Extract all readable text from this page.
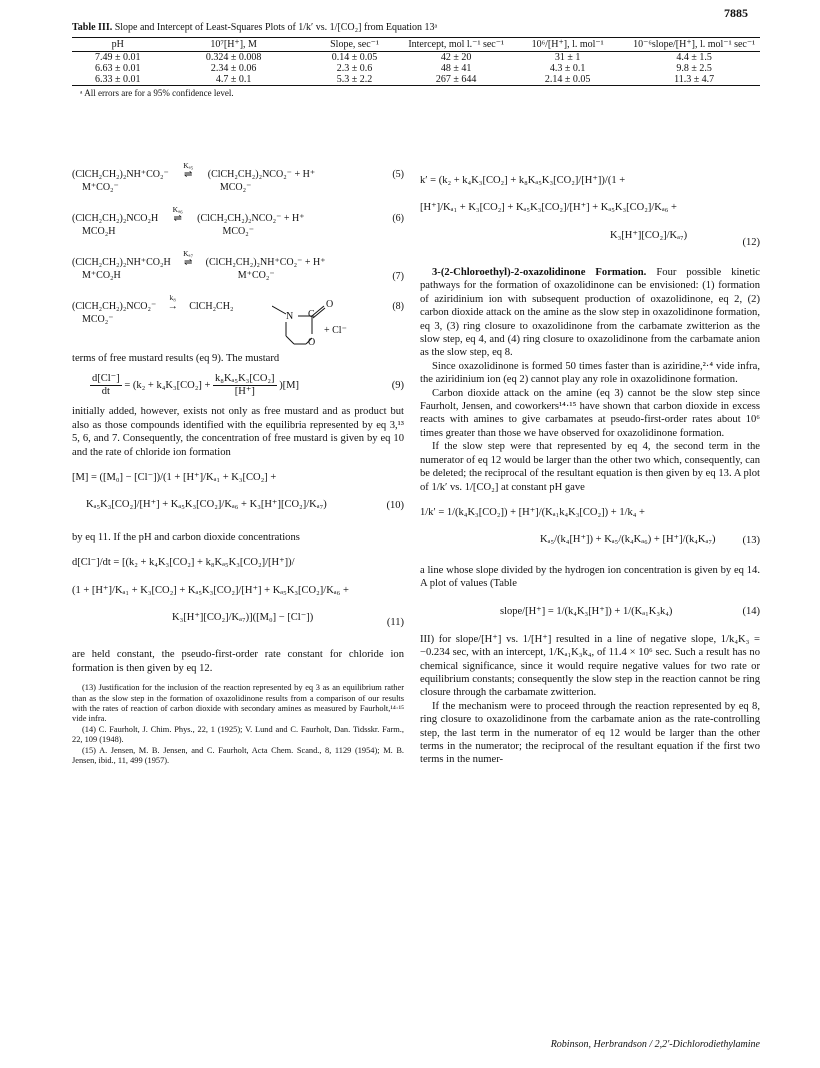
7885
Table III. Slope and Intercept of Least-Squares Plots of 1/k′ vs. 1/[CO₂] from Equation 13ᵃ
pH	10⁷[H⁺], M	Slope, sec⁻¹	Intercept, mol l.⁻¹ sec⁻¹	10⁶/[H⁺], l. mol⁻¹	10⁻⁶slope/[H⁺], l. mol⁻¹ sec⁻¹
7.49 ± 0.01	0.324 ± 0.008	0.14 ± 0.05	42 ± 20	31 ± 1	4.4 ± 1.5
6.63 ± 0.01	2.34 ± 0.06	2.3 ± 0.6	48 ± 41	4.3 ± 0.1	9.8 ± 2.5
6.33 ± 0.01	4.7 ± 0.1	5.3 ± 2.2	267 ± 644	2.14 ± 0.05	11.3 ± 4.7
ᵃ All errors are for a 95% confidence level.
(ClCH₂CH₂)₂NH⁺CO₂⁻
Kₐ₅
⇌ (ClCH₂CH₂)₂NCO₂⁻ + H⁺	(5)
M⁺CO₂⁻	MCO₂⁻
(ClCH₂CH₂)₂NCO₂H
Kₐ₆
⇌ (ClCH₂CH₂)₂NCO₂⁻ + H⁺	(6)
MCO₂H	MCO₂⁻
(ClCH₂CH₂)₂NH⁺CO₂H
Kₐ₇
⇌ (ClCH₂CH₂)₂NH⁺CO₂⁻ + H⁺
M⁺CO₂H	M⁺CO₂⁻	(7)
(ClCH₂CH₂)₂NCO₂⁻
k₈
→ ClCH₂CH₂
N C
O
O
+ Cl⁻
(8)
MCO₂⁻

terms of free mustard results (eq 9). The mustard

$\frac{d[Cl^-]}{dt} = (k_2 + k_4K_3[CO_2] + \frac{\text{k₈Kₐ₅K₃[CO₂]}}{[H^+]} )[M]$	(9)

initially added, however, exists not only as free mustard and as product but also as those compounds identified with the equilibria represented by eq 3,¹³ 5, 6, and 7. Consequently, the concentration of free mustard is given by eq 10 and the rate of chloride ion formation

[M] = ([M₀] − [Cl⁻])/(1 + [H⁺]/Kₐ₁ + K₃[CO₂] +
Kₐ₅K₃[CO₂]/[H⁺] + Kₐ₅K₃[CO₂]/Kₐ₆ + K₃[H⁺][CO₂]/Kₐ₇)	(10)

by eq 11. If the pH and carbon dioxide concentrations

d[Cl⁻]/dt = [(k₂ + k₄K₃[CO₂] + k₈Kₐ₅K₃[CO₂]/[H⁺])/
(1 + [H⁺]/Kₐ₁ + K₃[CO₂] + Kₐ₅K₃[CO₂]/[H⁺] + Kₐ₅K₃[CO₂]/Kₐ₆ +
K₃[H⁺][CO₂]/Kₐ₇)]([M₀] − [Cl⁻])	(11)

are held constant, the pseudo-first-order rate constant for chloride ion formation is then given by eq 12.

(13) Justification for the inclusion of the reaction represented by eq 3 as an equilibrium rather than as the slow step in the formation of oxazolidinone results from a comparison of our results with the rates of reaction of carbon dioxide with secondary amines as measured by Faurholt,¹⁴·¹⁵ vide infra.

(14) C. Faurholt, J. Chim. Phys., 22, 1 (1925); V. Lund and C. Faurholt, Dan. Tidsskr. Farm., 22, 109 (1948).

(15) A. Jensen, M. B. Jensen, and C. Faurholt, Acta Chem. Scand., 8, 1129 (1954); M. B. Jensen, ibid., 11, 499 (1957).

k′ = (k₂ + k₄K₃[CO₂] + k₈Kₐ₅K₃[CO₂]/[H⁺])/(1 +
[H⁺]/Kₐ₁ + K₃[CO₂] + Kₐ₅K₃[CO₂]/[H⁺] + Kₐ₅K₃[CO₂]/Kₐ₆ +
K₃[H⁺][CO₂]/Kₐ₇)
(12)

3-(2-Chloroethyl)-2-oxazolidinone Formation. Four possible kinetic pathways for the formation of oxazolidinone can be envisioned: (1) formation of aziridinium ion with subsequent production of oxazolidinone, eq 2, (2) carbon dioxide attack on the amine as the slow step in oxazolidinone formation, eq 3, (3) ring closure to oxazolidinone from the carbamate zwitterion as the slow step, eq 4, and (4) ring closure to oxazolidinone from the carbamate anion as the slow step, eq 8.

Since oxazolidinone is formed 50 times faster than is aziridine,²·⁴ vide infra, the aziridinium ion (eq 2) cannot play any role in oxazolidinone formation.

Carbon dioxide attack on the amine (eq 3) cannot be the slow step since Faurholt, Jensen, and coworkers¹⁴·¹⁵ have shown that carbon dioxide in excess reacts with amines to give carbamates at pseudo-first-order rates about 10⁶ times greater than those we have observed for oxazolidinone formation.

If the slow step were that represented by eq 4, the second term in the numerator of eq 12 would be larger than the other two which, consequently, can be deleted; the reciprocal of the resultant equation is then given by eq 13. A plot of 1/k′ vs. 1/[CO₂] at constant pH gave

1/k′ = 1/(k₄K₃[CO₂]) + [H⁺]/(Kₐ₁k₄K₃[CO₂]) + 1/k₄ +
Kₐ₅/(k₄[H⁺]) + Kₐ₅/(k₄Kₐ₆) + [H⁺]/(k₄Kₐ₇)	(13)

a line whose slope divided by the hydrogen ion concentration is given by eq 14. A plot of values (Table

slope/[H⁺] = 1/(k₄K₃[H⁺]) + 1/(Kₐ₁K₃k₄)	(14)

III) for slope/[H⁺] vs. 1/[H⁺] resulted in a line of negative slope, 1/k₄K₃ = −0.234 sec, with an intercept, 1/Kₐ₁K₃k₄, of 11.4 × 10⁶ sec. Such a result has no chemical significance, since it would require negative values for two rate or equilibrium constants; consequently the slow step in the reaction cannot be ring closure through the carbamate zwitterion.

If the mechanism were to proceed through the reaction represented by eq 8, ring closure to oxazolidinone from the carbamate anion as the rate-controlling step, the last term in the numerator of eq 12 would be larger than the other terms in the numerator; the reciprocal of the resultant equation if the first two terms in the numer-

Robinson, Herbrandson / 2,2′-Dichlorodiethylamine
